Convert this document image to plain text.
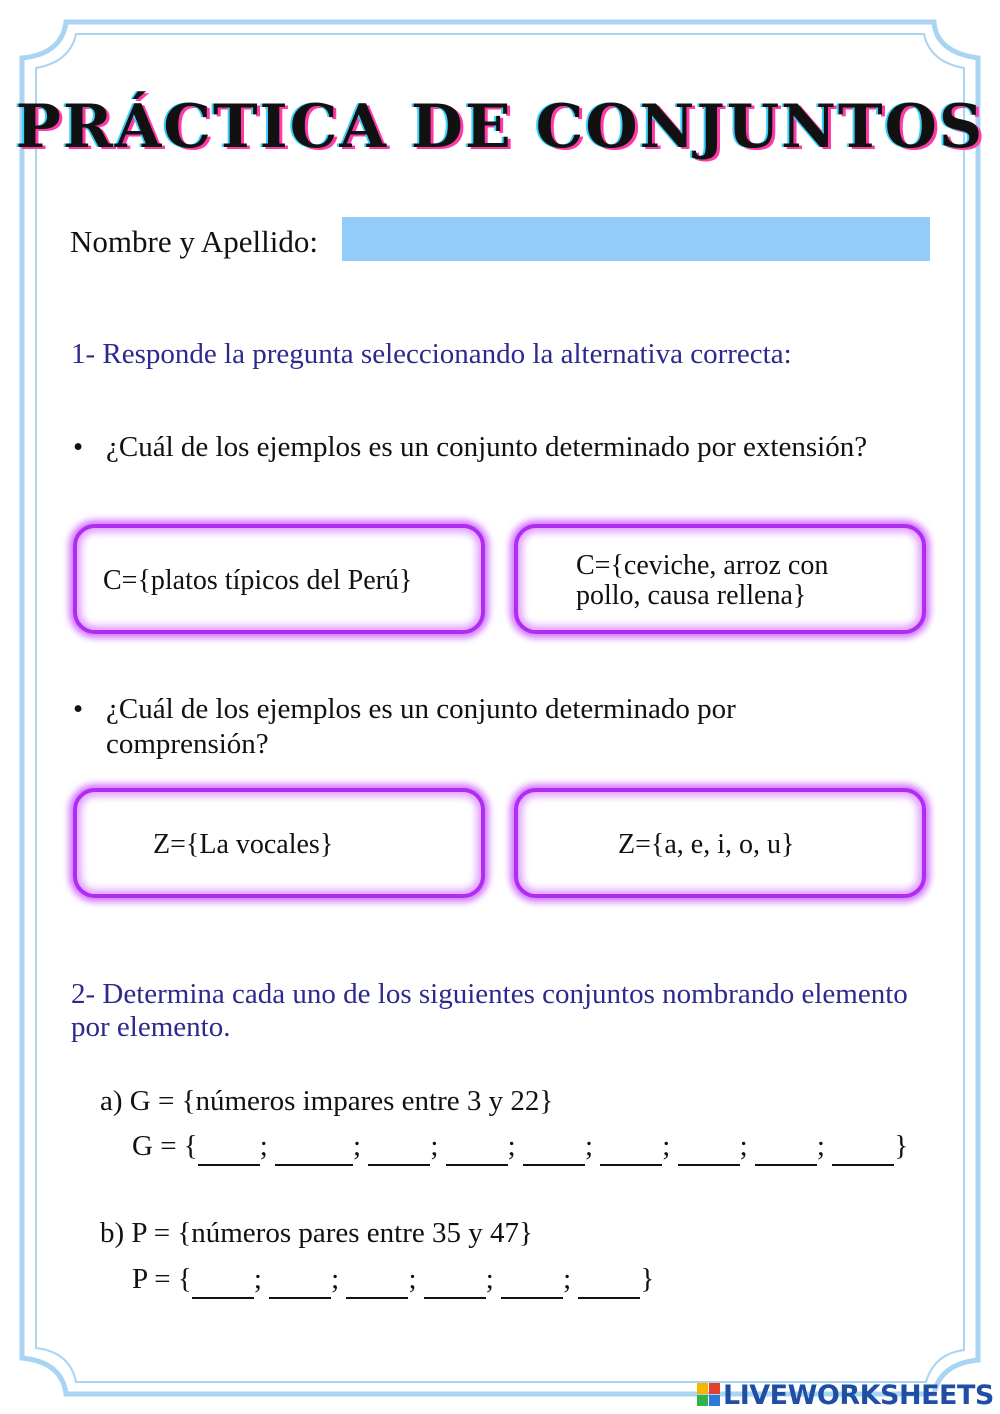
PRÁCTICA DE CONJUNTOS
Nombre y Apellido:
1- Responde la pregunta seleccionando la alternativa correcta:
• ¿Cuál de los ejemplos es un conjunto determinado por extensión?
C={platos típicos del Perú}	C={ceviche, arroz con pollo, causa rellena}
• ¿Cuál de los ejemplos es un conjunto determinado por comprensión?
Z={La vocales}	Z={a, e, i, o, u}
2- Determina cada uno de los siguientes conjuntos nombrando elemento por elemento.
a) G = {números impares entre 3 y 22}
G = { ;	; ; ; ; ; ; ; }
b) P = {números pares entre 35 y 47}
P = { ; ; ; ; ; }
LIVEWORKSHEETS
